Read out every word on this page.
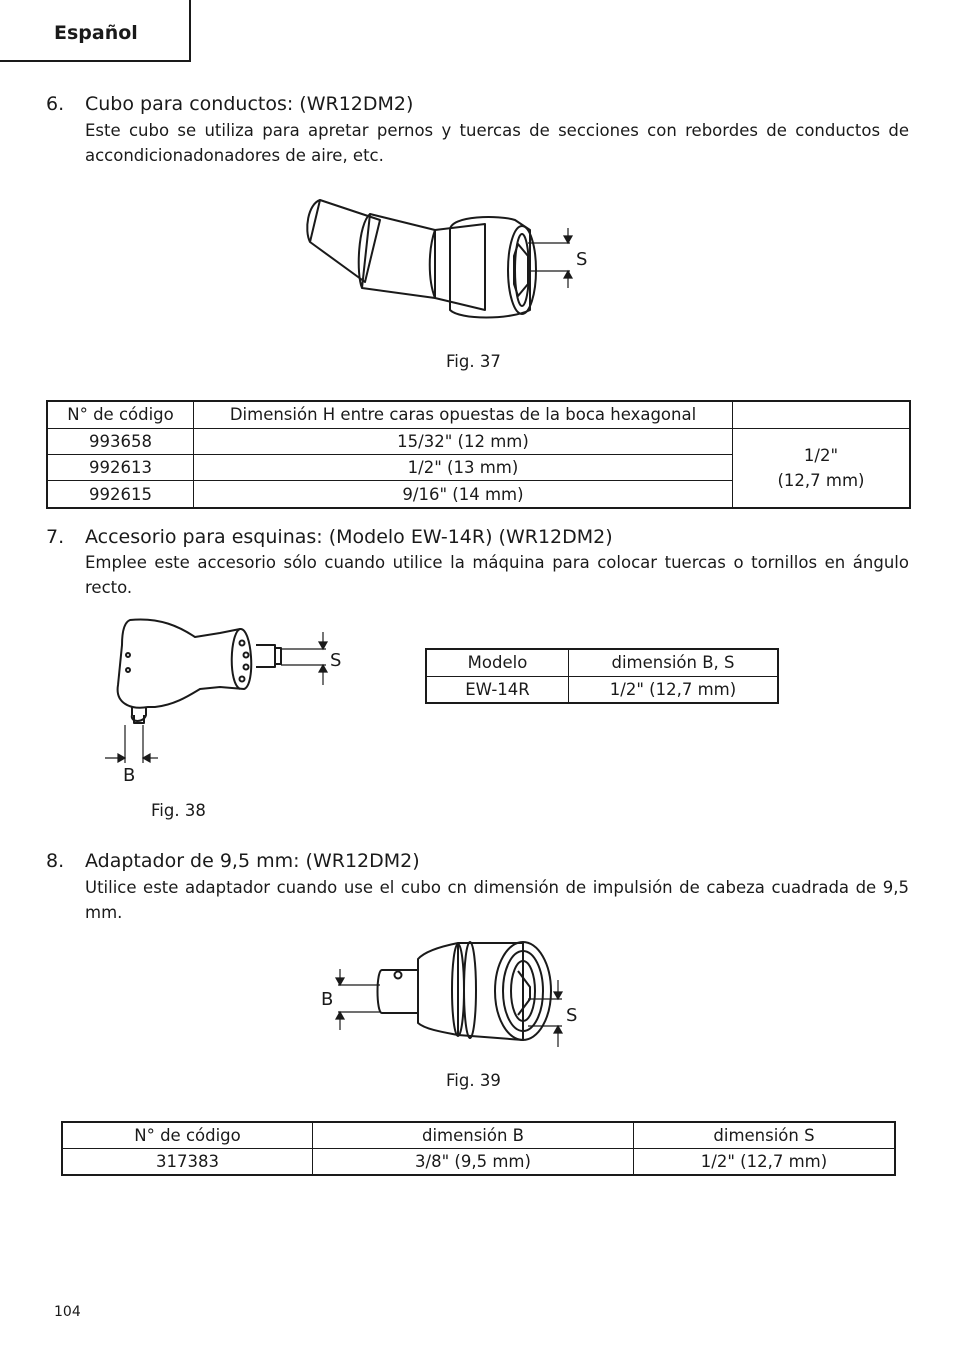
Español
6. Cubo para conductos: (WR12DM2)
Este cubo se utiliza para apretar pernos y tuercas de secciones con rebordes de conductos de accondicionadonadores de aire, etc.
S
Fig. 37
N° de código	Dimensión H entre caras opuestas de la boca hexagonal	
993658	15/32" (12 mm)	1/2"
(12,7 mm)

992613	1/2" (13 mm)	
992615	9/16" (14 mm)	
7. Accesorio para esquinas: (Modelo EW-14R) (WR12DM2)
Emplee este accesorio sólo cuando utilice la máquina para colocar tuercas o tornillos en ángulo recto.
S
B
Fig. 38
Modelo	dimensión B, S
EW-14R	1/2" (12,7 mm)
8. Adaptador de 9,5 mm: (WR12DM2)
Utilice este adaptador cuando use el cubo cn dimensión de impulsión de cabeza cuadrada de 9,5 mm.
B
S
Fig. 39
N° de código	dimensión B	dimensión S
317383	3/8" (9,5 mm)	1/2" (12,7 mm)
104
